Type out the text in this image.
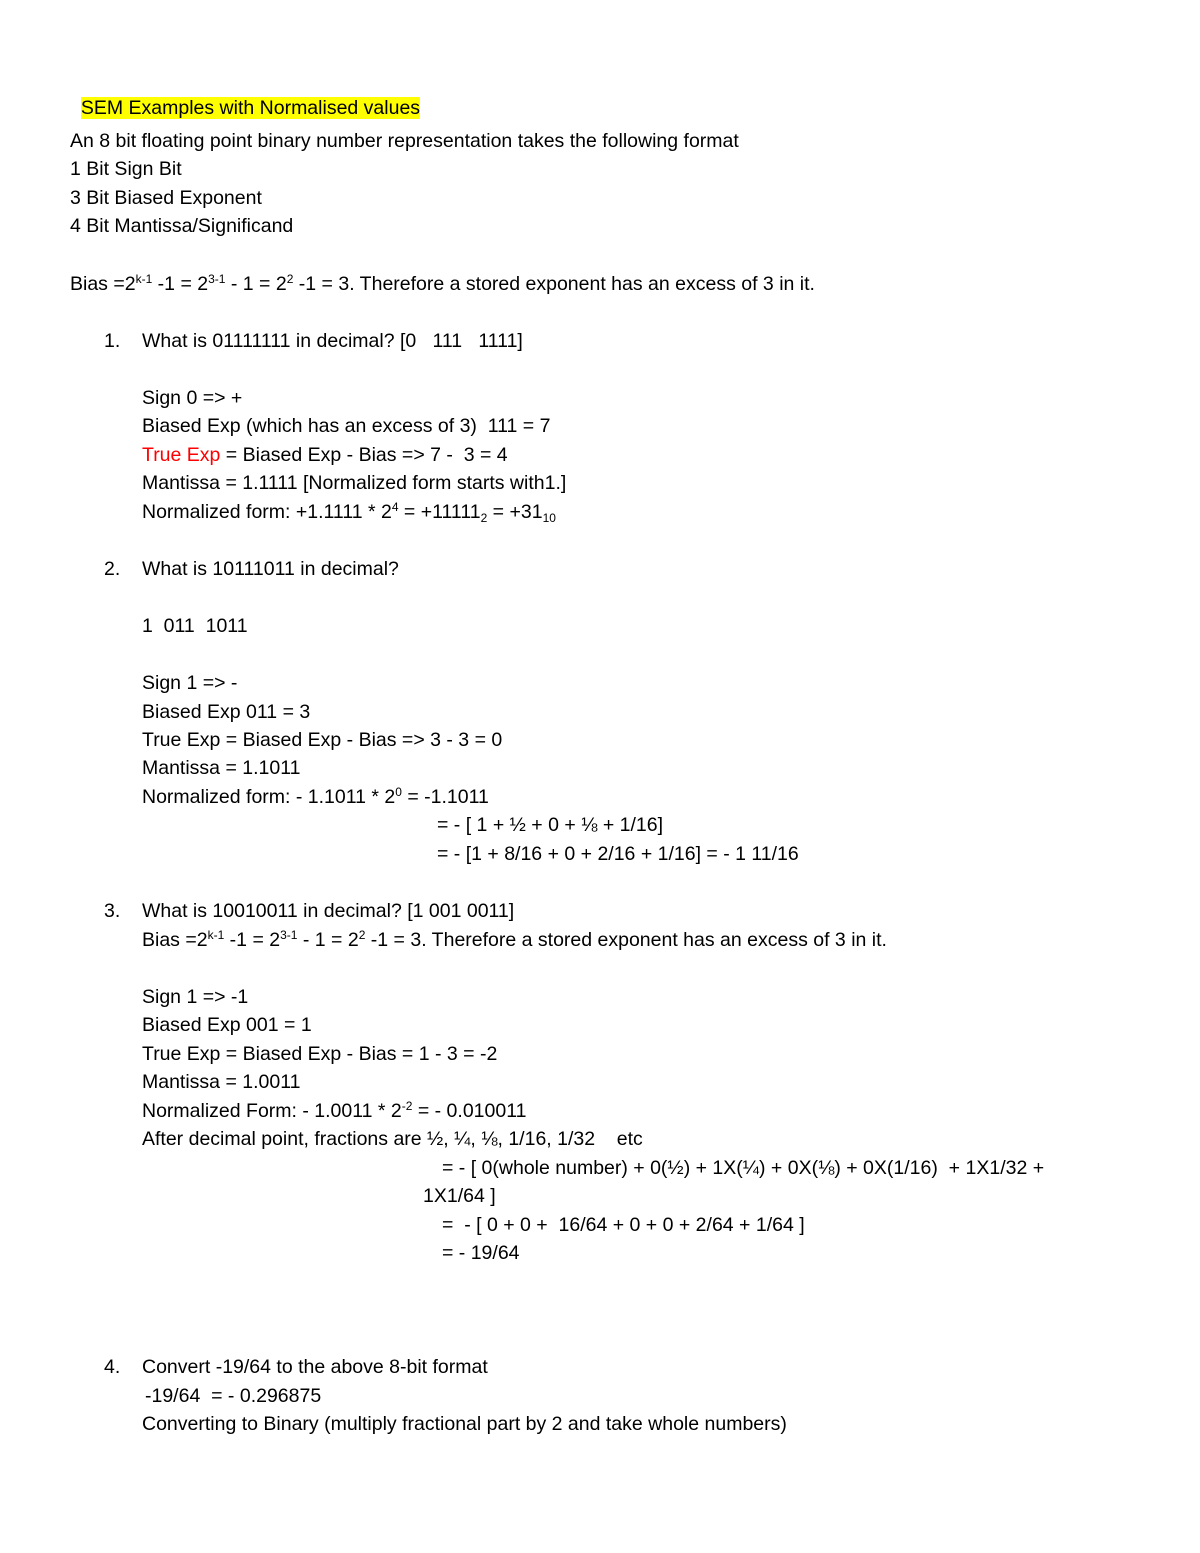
SEM Examples with Normalised values

An 8 bit floating point binary number representation takes the following format
1 Bit Sign Bit
3 Bit Biased Exponent
4 Bit Mantissa/Significand
Bias $=2^{k-1}$ $-1 = 2^{3-1} - 1 = 2^2$ -1 = 3. Therefore a stored exponent has an excess of 3 in it.
1. What is 01111111 in decimal? [0   111   1111]
Sign 0 => +
Biased Exp (which has an excess of 3)  111 = 7
True Exp = Biased Exp - Bias => 7 -  3 = 4
Mantissa = 1.1111 [Normalized form starts with1.]
Normalized form: $+1.1111 * 2^4 = +11111_2 = +31_{10}$
2. What is 10111011 in decimal?
1  011  1011
Sign 1 => -
Biased Exp 011 = 3
True Exp = Biased Exp - Bias => 3 - 3 = 0
Mantissa = 1.1011
Normalized form: - $1.1011 * 2^0 = -1.1011$
= - [ 1 + ½ + 0 + ⅛ + 1/16]
= - [1 + 8/16 + 0 + 2/16 + 1/16] = - 1 11/16
3. What is 10010011 in decimal? [1 001 0011]
Bias $=2^{k-1}$ $-1 = 2^{3-1} - 1 = 2^2$ -1 = 3. Therefore a stored exponent has an excess of 3 in it.
Sign 1 => -1
Biased Exp 001 = 1
True Exp = Biased Exp - Bias = 1 - 3 = -2
Mantissa = 1.0011
Normalized Form: - $1.0011 * 2^{-2}$ = - 0.010011
After decimal point, fractions are ½, ¼, ⅛, 1/16, 1/32    etc
= - [ 0(whole number) + 0(½) + 1X(¼) + 0X(⅛) + 0X(1/16)  + 1X1/32 +
1X1/64 ]
=  - [ 0 + 0 +  16/64 + 0 + 0 + 2/64 + 1/64 ]
= - 19/64
4. Convert -19/64 to the above 8-bit format
-19/64  = - 0.296875
Converting to Binary (multiply fractional part by 2 and take whole numbers)
